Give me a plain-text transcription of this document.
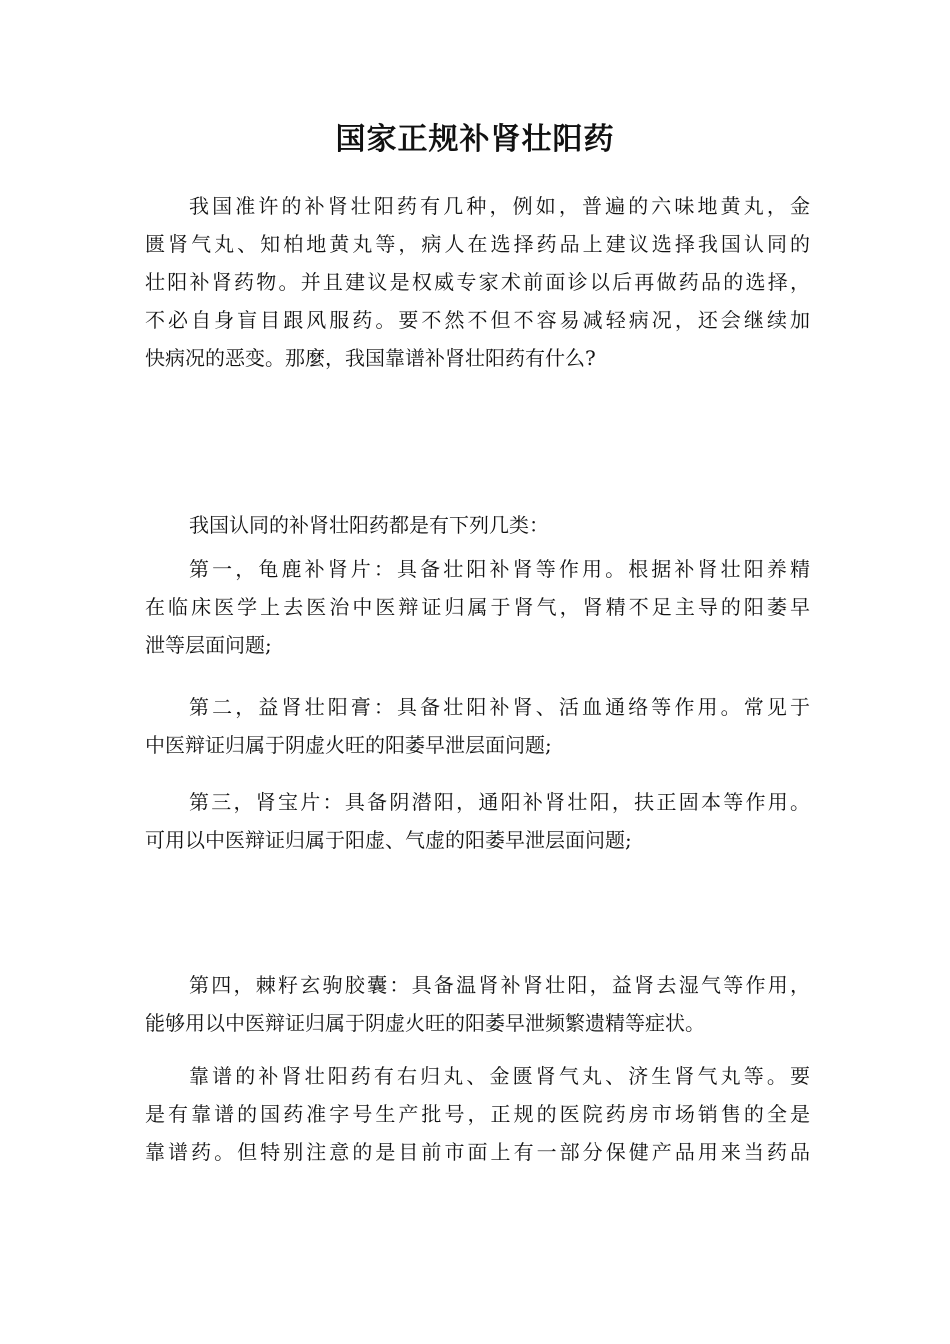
国家正规补肾壮阳药
我国准许的补肾壮阳药有几种，例如，普遍的六味地黄丸，金
匮肾气丸、知柏地黄丸等，病人在选择药品上建议选择我国认同的
壮阳补肾药物。并且建议是权威专家术前面诊以后再做药品的选择，
不必自身盲目跟风服药。要不然不但不容易减轻病况，还会继续加
快病况的恶变。那麼，我国靠谱补肾壮阳药有什么?
我国认同的补肾壮阳药都是有下列几类：
第一，龟鹿补肾片：具备壮阳补肾等作用。根据补肾壮阳养精
在临床医学上去医治中医辩证归属于肾气，肾精不足主导的阳萎早
泄等层面问题;
第二，益肾壮阳膏：具备壮阳补肾、活血通络等作用。常见于
中医辩证归属于阴虚火旺的阳萎早泄层面问题;
第三，肾宝片：具备阴潜阳，通阳补肾壮阳，扶正固本等作用。
可用以中医辩证归属于阳虚、气虚的阳萎早泄层面问题;
第四，棘籽玄驹胶囊：具备温肾补肾壮阳，益肾去湿气等作用，
能够用以中医辩证归属于阴虚火旺的阳萎早泄频繁遗精等症状。
靠谱的补肾壮阳药有右归丸、金匮肾气丸、济生肾气丸等。要
是有靠谱的国药准字号生产批号，正规的医院药房市场销售的全是
靠谱药。但特别注意的是目前市面上有一部分保健产品用来当药品
